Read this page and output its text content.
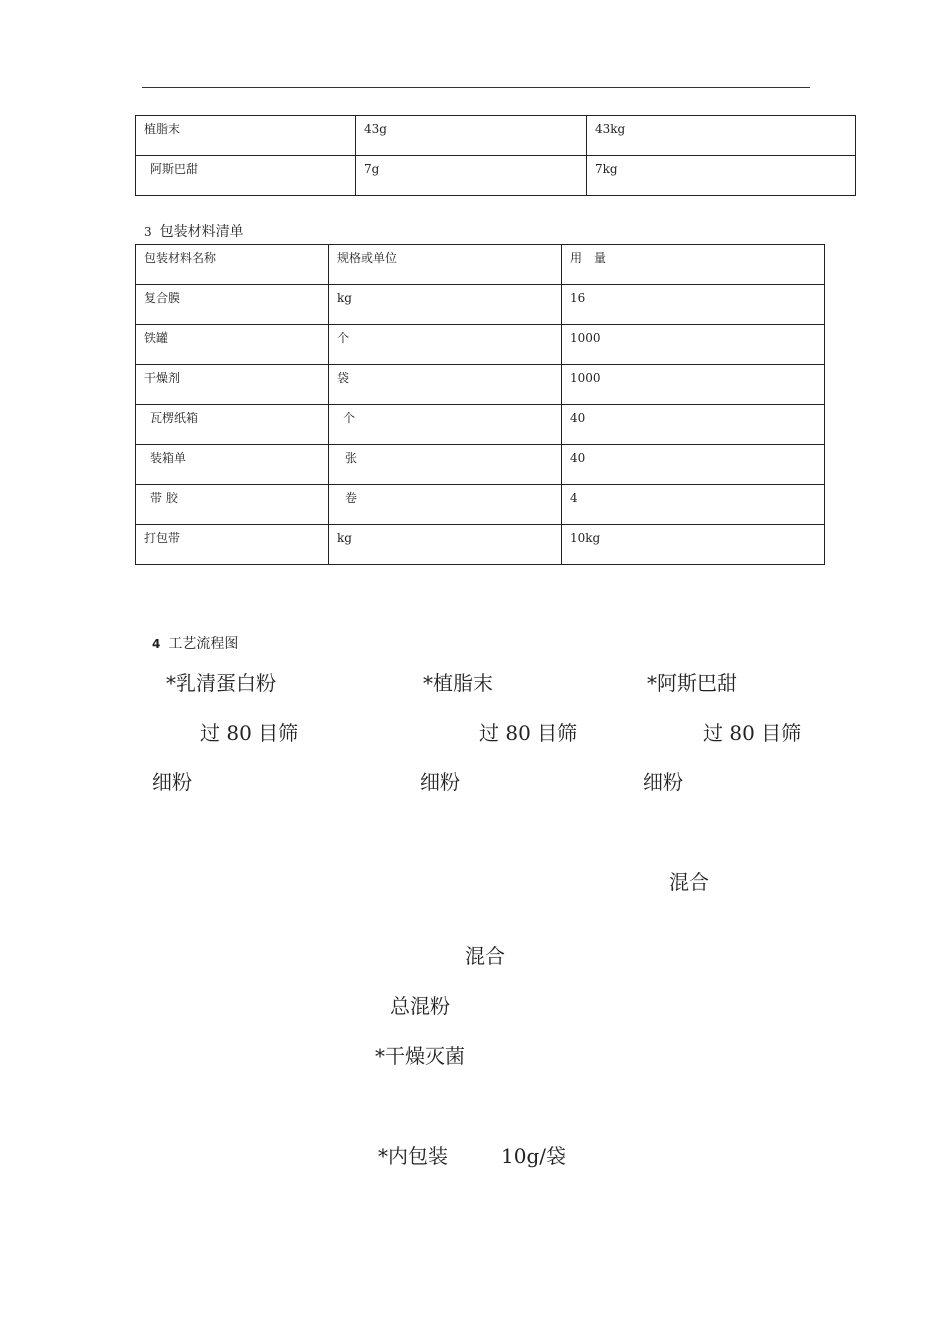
植脂末	43g	43kg
阿斯巴甜	7g	7kg
3 包装材料清单
包装材料名称	规格或单位	用　量
复合膜	kg	16
铁罐	个	1000
干燥剂	袋	1000
瓦楞纸箱	个	40
装箱单	张	40
带 胶	卷	4
打包带	kg	10kg
4 工艺流程图
*乳清蛋白粉	*植脂末	*阿斯巴甜
过 80 目筛	过 80 目筛	过 80 目筛
细粉	细粉	细粉
混合
混合
总混粉
*干燥灭菌
*内包装	10g/袋
